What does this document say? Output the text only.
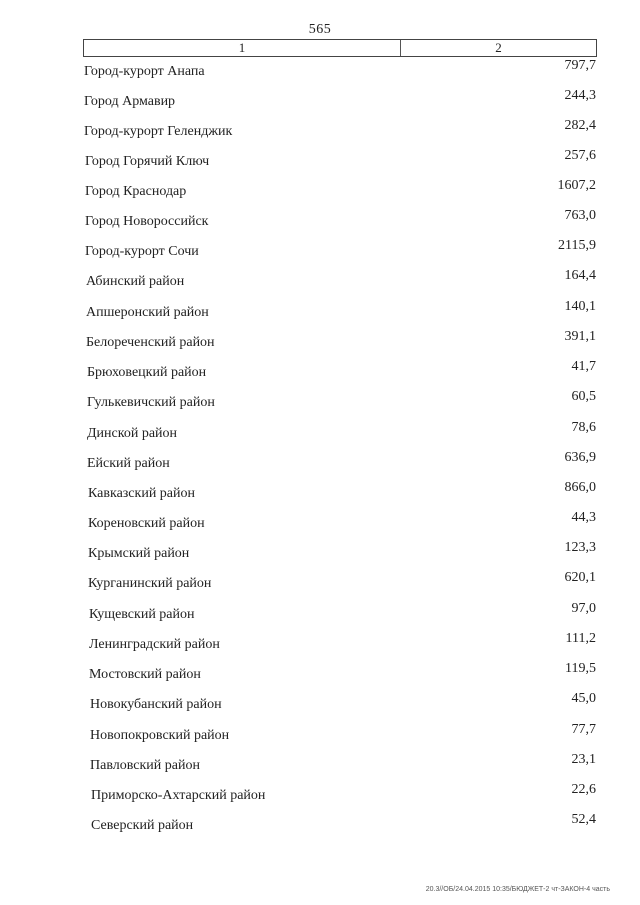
565
1	2
Город-курорт Анапа	797,7
Город Армавир	244,3
Город-курорт Геленджик	282,4
Город Горячий Ключ	257,6
Город Краснодар	1607,2
Город Новороссийск	763,0
Город-курорт Сочи	2115,9
Абинский район	164,4
Апшеронский район	140,1
Белореченский район	391,1
Брюховецкий район	41,7
Гулькевичский район	60,5
Динской район	78,6
Ейский район	636,9
Кавказский район	866,0
Кореновский район	44,3
Крымский район	123,3
Курганинский район	620,1
Кущевский район	97,0
Ленинградский район	111,2
Мостовский район	119,5
Новокубанский район	45,0
Новопокровский район	77,7
Павловский район	23,1
Приморско-Ахтарский район	22,6
Северский район	52,4
20.3//ОБ/24.04.2015 10:35/БЮДЖЕТ-2 чт-ЗАКОН-4 часть
